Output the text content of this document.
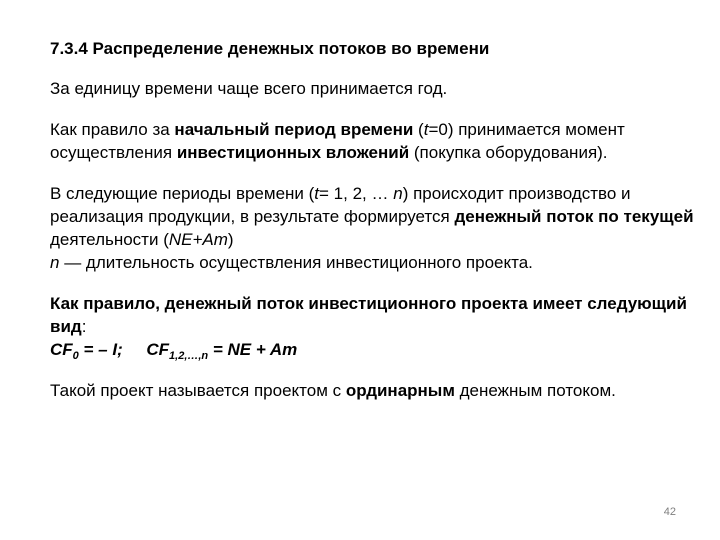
7.3.4 Распределение денежных потоков во времени

За единицу времени чаще всего принимается год.

Как правило за начальный период времени (t=0) принимается момент осуществления инвестиционных вложений (покупка оборудования).

В следующие периоды времени (t= 1, 2, … n) происходит производство и реализация продукции, в результате формируется денежный поток по текущей деятельности (NE+Am)
n — длительность осуществления инвестиционного проекта.

Как правило, денежный поток инвестиционного проекта имеет следующий вид:
$CF_0$ = – I;     $CF_{1,2,\dots,n}$ = NE + Am

Такой проект называется проектом с ординарным денежным потоком.

42
